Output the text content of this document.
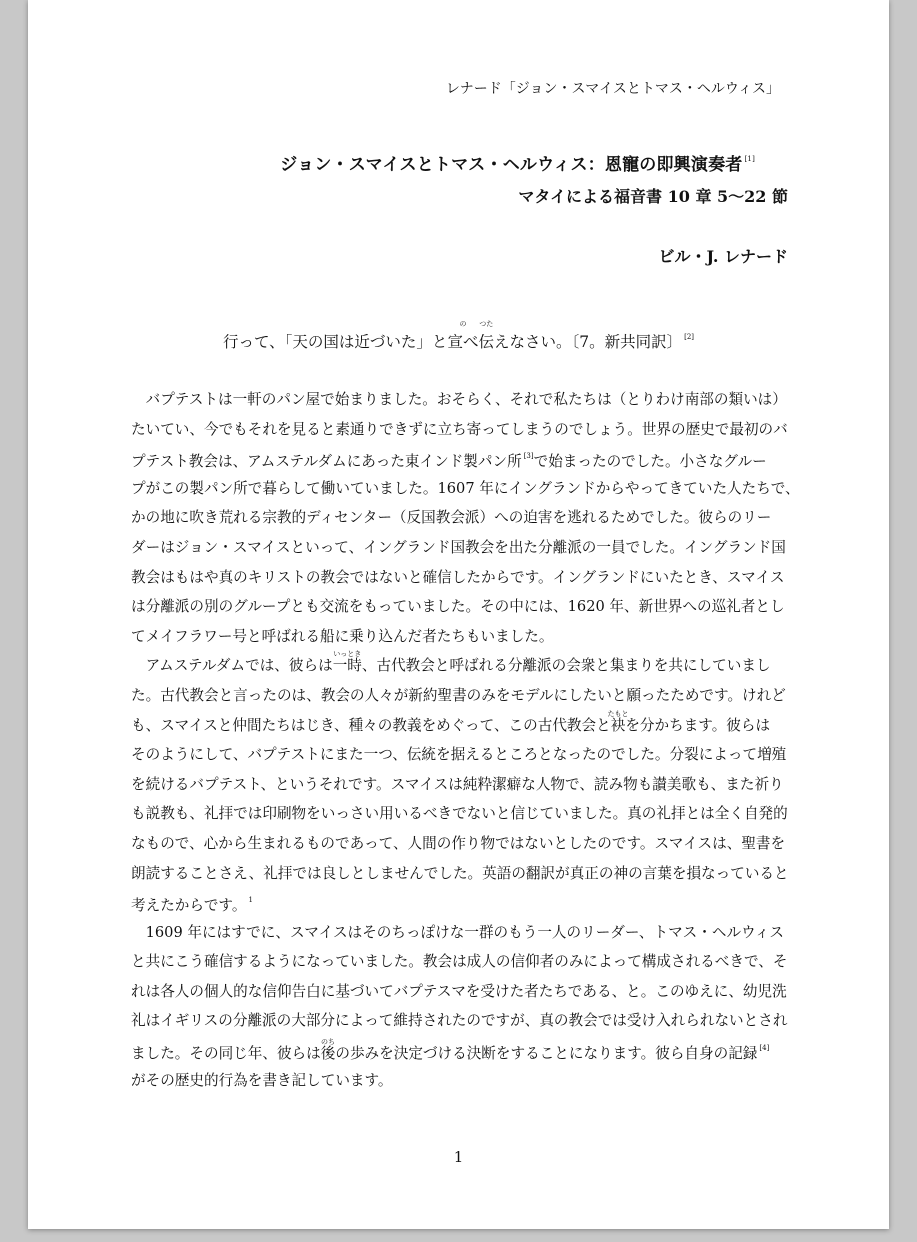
レナード「ジョン・スマイスとトマス・ヘルウィス」
ジョン・スマイスとトマス・ヘルウィス：恩寵の即興演奏者 [1]
マタイによる福音書 10 章 5〜22 節
ビル・J. レナード
行って、「天の国は近づいた」と
の
宣べ
つた
伝えなさい。〔7。新共同訳〕 [2]
　バプテストは一軒のパン屋で始まりました。おそらく、それで私たちは（とりわけ南部の類いは）
たいてい、今でもそれを見ると素通りできずに立ち寄ってしまうのでしょう。世界の歴史で最初のバ
プテスト教会は、アムステルダムにあった東インド製パン所 [3]で始まったのでした。小さなグルー
プがこの製パン所で暮らして働いていました。1607 年にイングランドからやってきていた人たちで、
かの地に吹き荒れる宗教的ディセンター（反国教会派）への迫害を逃れるためでした。彼らのリー
ダーはジョン・スマイスといって、イングランド国教会を出た分離派の一員でした。イングランド国
教会はもはや真のキリストの教会ではないと確信したからです。イングランドにいたとき、スマイス
は分離派の別のグループとも交流をもっていました。その中には、1620 年、新世界への巡礼者とし
てメイフラワー号と呼ばれる船に乗り込んだ者たちもいました。
　アムステルダムでは、彼らは
いっとき
一時、古代教会と呼ばれる分離派の会衆と集まりを共にしていまし
た。古代教会と言ったのは、教会の人々が新約聖書のみをモデルにしたいと願ったためです。けれど
も、スマイスと仲間たちはじき、種々の教義をめぐって、この古代教会と
たもと
袂を分かちます。彼らは
そのようにして、バプテストにまた一つ、伝統を据えるところとなったのでした。分裂によって増殖
を続けるバプテスト、というそれです。スマイスは純粋潔癖な人物で、読み物も讃美歌も、また祈り
も説教も、礼拝では印刷物をいっさい用いるべきでないと信じていました。真の礼拝とは全く自発的
なもので、心から生まれるものであって、人間の作り物ではないとしたのです。スマイスは、聖書を
朗読することさえ、礼拝では良しとしませんでした。英語の翻訳が真正の神の言葉を損なっていると
考えたからです。 $^1$
　1609 年にはすでに、スマイスはそのちっぽけな一群のもう一人のリーダー、トマス・ヘルウィス
と共にこう確信するようになっていました。教会は成人の信仰者のみによって構成されるべきで、そ
れは各人の個人的な信仰告白に基づいてバプテスマを受けた者たちである、と。このゆえに、幼児洗
礼はイギリスの分離派の大部分によって維持されたのですが、真の教会では受け入れられないとされ
ました。その同じ年、彼らは
のち
後の歩みを決定づける決断をすることになります。彼ら自身の記録 [4]
がその歴史的行為を書き記しています。
1
